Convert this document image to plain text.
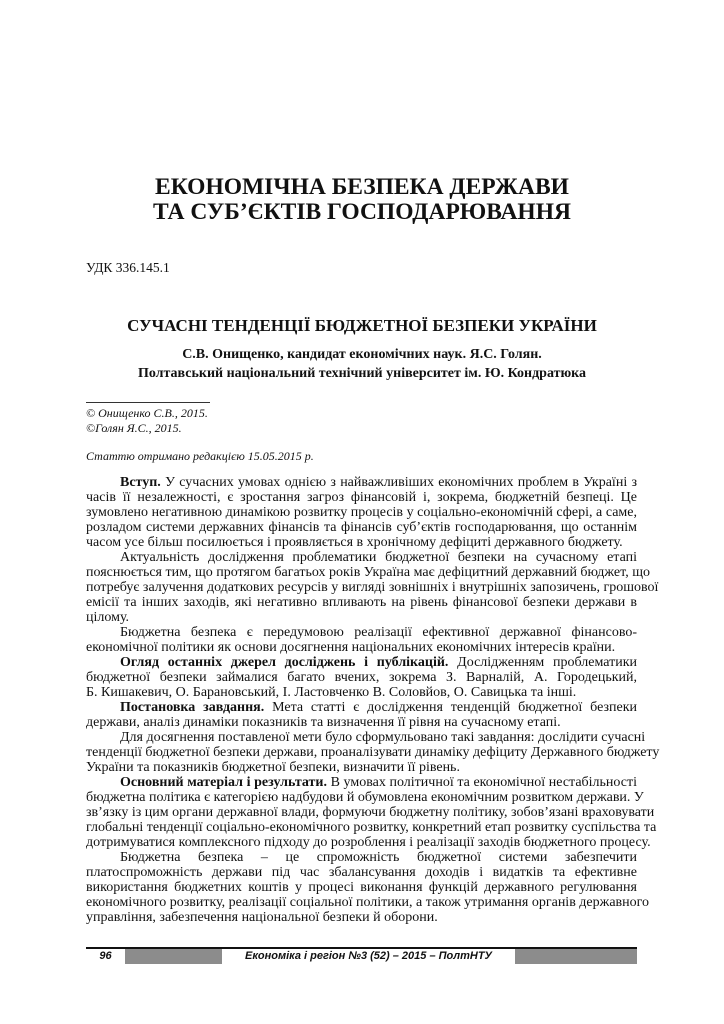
ЕКОНОМІЧНА БЕЗПЕКА ДЕРЖАВИ
ТА СУБ’ЄКТІВ ГОСПОДАРЮВАННЯ
УДК 336.145.1
СУЧАСНІ ТЕНДЕНЦІЇ БЮДЖЕТНОЇ БЕЗПЕКИ УКРАЇНИ
С.В. Онищенко, кандидат економічних наук. Я.С. Голян.
Полтавський національний технічний університет ім. Ю. Кондратюка
© Онищенко С.В., 2015.
©Голян Я.С., 2015.
Статтю отримано редакцією 15.05.2015 р.
Вступ. У сучасних умовах однією з найважливіших економічних проблем в Україні з
часів її незалежності, є зростання загроз фінансовій і, зокрема, бюджетній безпеці. Це
зумовлено негативною динамікою розвитку процесів у соціально-економічній сфері, а саме,
розладом системи державних фінансів та фінансів суб’єктів господарювання, що останнім
часом усе більш посилюється і проявляється в хронічному дефіциті державного бюджету.
Актуальність дослідження проблематики бюджетної безпеки на сучасному етапі
пояснюється тим, що протягом багатьох років Україна має дефіцитний державний бюджет, що
потребує залучення додаткових ресурсів у вигляді зовнішніх і внутрішніх запозичень, грошової
емісії та інших заходів, які негативно впливають на рівень фінансової безпеки держави в
цілому.
Бюджетна безпека є передумовою реалізації ефективної державної фінансово-
економічної політики як основи досягнення національних економічних інтересів країни.
Огляд останніх джерел досліджень і публікацій. Дослідженням проблематики
бюджетної безпеки займалися багато вчених, зокрема З. Варналій, А. Городецький,
Б. Кишакевич, О. Барановський, І. Ластовченко В. Соловйов, О. Савицька та інші.
Постановка завдання. Мета статті є дослідження тенденцій бюджетної безпеки
держави, аналіз динаміки показників та визначення її рівня на сучасному етапі.
Для досягнення поставленої мети було сформульовано такі завдання: дослідити сучасні
тенденції бюджетної безпеки держави, проаналізувати динаміку дефіциту Державного бюджету
України та показників бюджетної безпеки, визначити її рівень.
Основний матеріал і результати. В умовах політичної та економічної нестабільності
бюджетна політика є категорією надбудови й обумовлена економічним розвитком держави. У
зв’язку із цим органи державної влади, формуючи бюджетну політику, зобов’язані враховувати
глобальні тенденції соціально-економічного розвитку, конкретний етап розвитку суспільства та
дотримуватися комплексного підходу до розроблення і реалізації заходів бюджетного процесу.
Бюджетна безпека – це спроможність бюджетної системи забезпечити
платоспроможність держави під час збалансування доходів і видатків та ефективне
використання бюджетних коштів у процесі виконання функцій державного регулювання
економічного розвитку, реалізації соціальної політики, а також утримання органів державного
управління, забезпечення національної безпеки й оборони.
96	Економіка і регіон №3 (52) – 2015 – ПолтНТУ
